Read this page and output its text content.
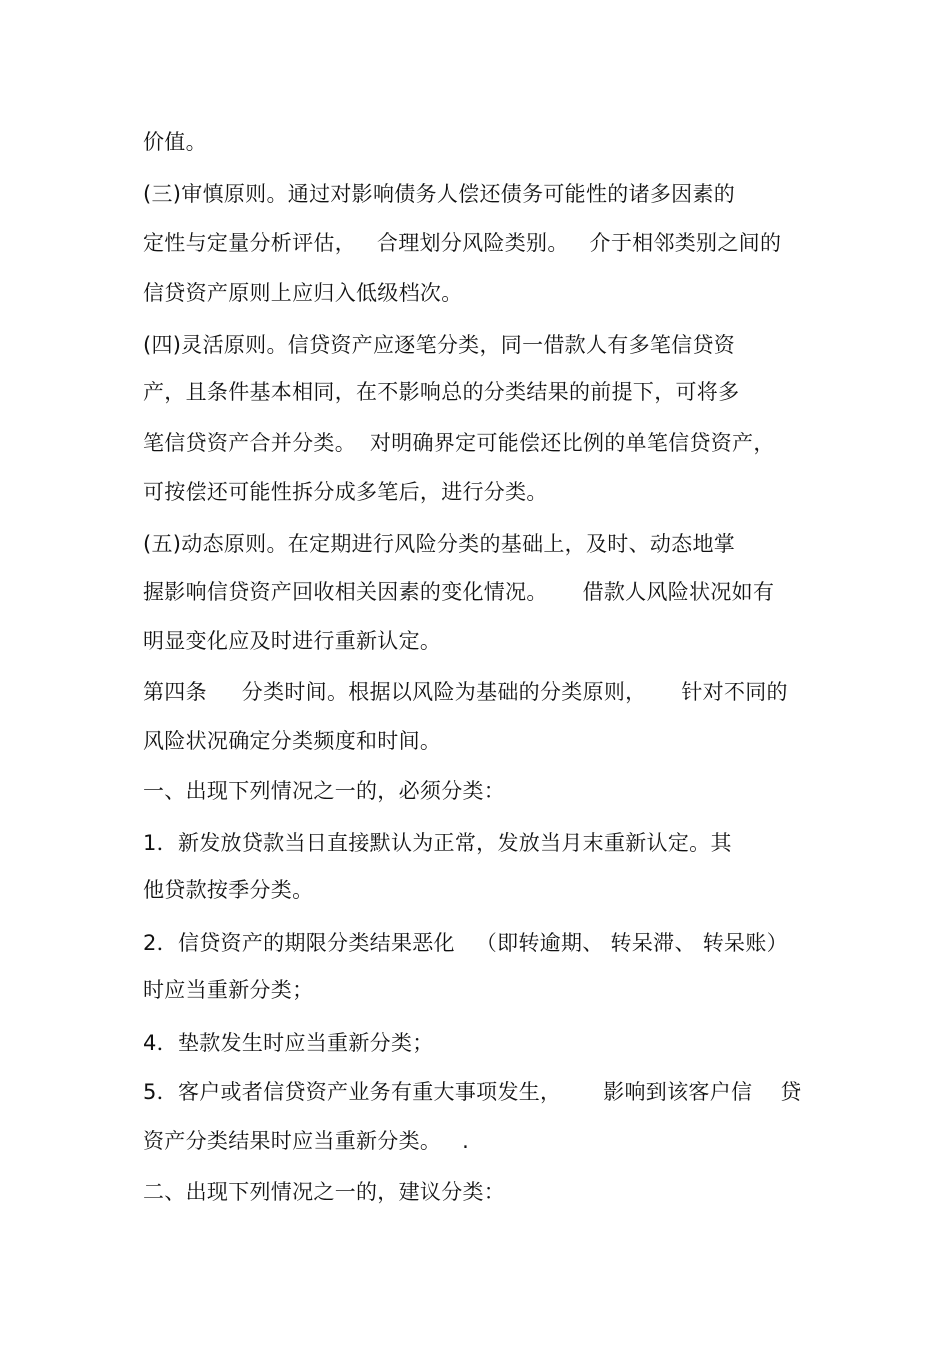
价值。
(三)审慎原则。通过对影响债务人偿还债务可能性的诸多因素的
定性与定量分析评估，   合理划分风险类别。   介于相邻类别之间的
信贷资产原则上应归入低级档次。
(四)灵活原则。信贷资产应逐笔分类，同一借款人有多笔信贷资
产，且条件基本相同，在不影响总的分类结果的前提下，可将多
笔信贷资产合并分类。  对明确界定可能偿还比例的单笔信贷资产，
可按偿还可能性拆分成多笔后，进行分类。
(五)动态原则。在定期进行风险分类的基础上，及时、动态地掌
握影响信贷资产回收相关因素的变化情况。     借款人风险状况如有
明显变化应及时进行重新认定。
第四条     分类时间。根据以风险为基础的分类原则，     针对不同的
风险状况确定分类频度和时间。
一、出现下列情况之一的，必须分类：
1．新发放贷款当日直接默认为正常，发放当月末重新认定。其
他贷款按季分类。
2．信贷资产的期限分类结果恶化   （即转逾期、 转呆滞、 转呆账）
时应当重新分类；
4．垫款发生时应当重新分类；
5．客户或者信贷资产业务有重大事项发生，      影响到该客户信    贷
资产分类结果时应当重新分类。   .
二、出现下列情况之一的，建议分类：
